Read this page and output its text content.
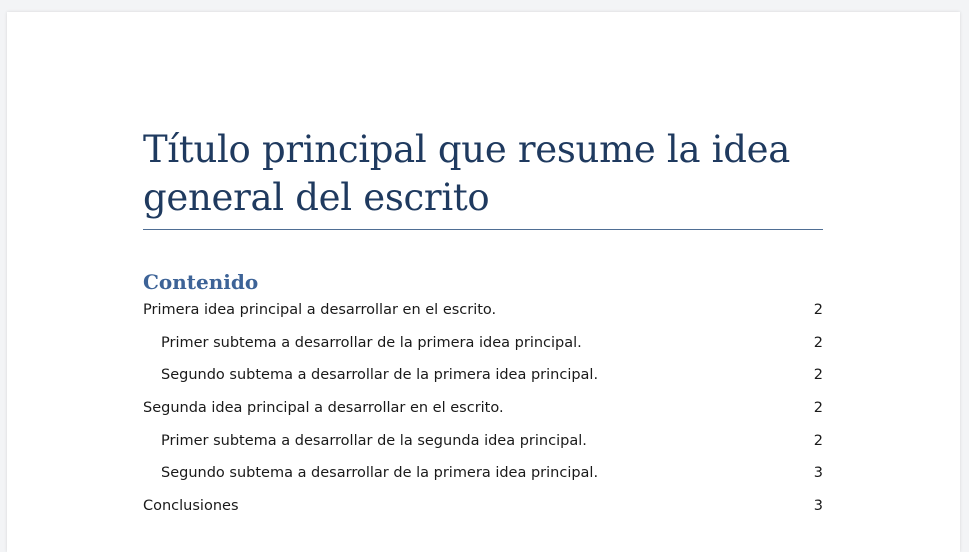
Título principal que resume la idea general del escrito
Contenido
Primera idea principal a desarrollar en el escrito.	2
Primer subtema a desarrollar de la primera idea principal.	2
Segundo subtema a desarrollar de la primera idea principal.	2
Segunda idea principal a desarrollar en el escrito.	2
Primer subtema a desarrollar de la segunda idea principal.	2
Segundo subtema a desarrollar de la primera idea principal.	3
Conclusiones	3
